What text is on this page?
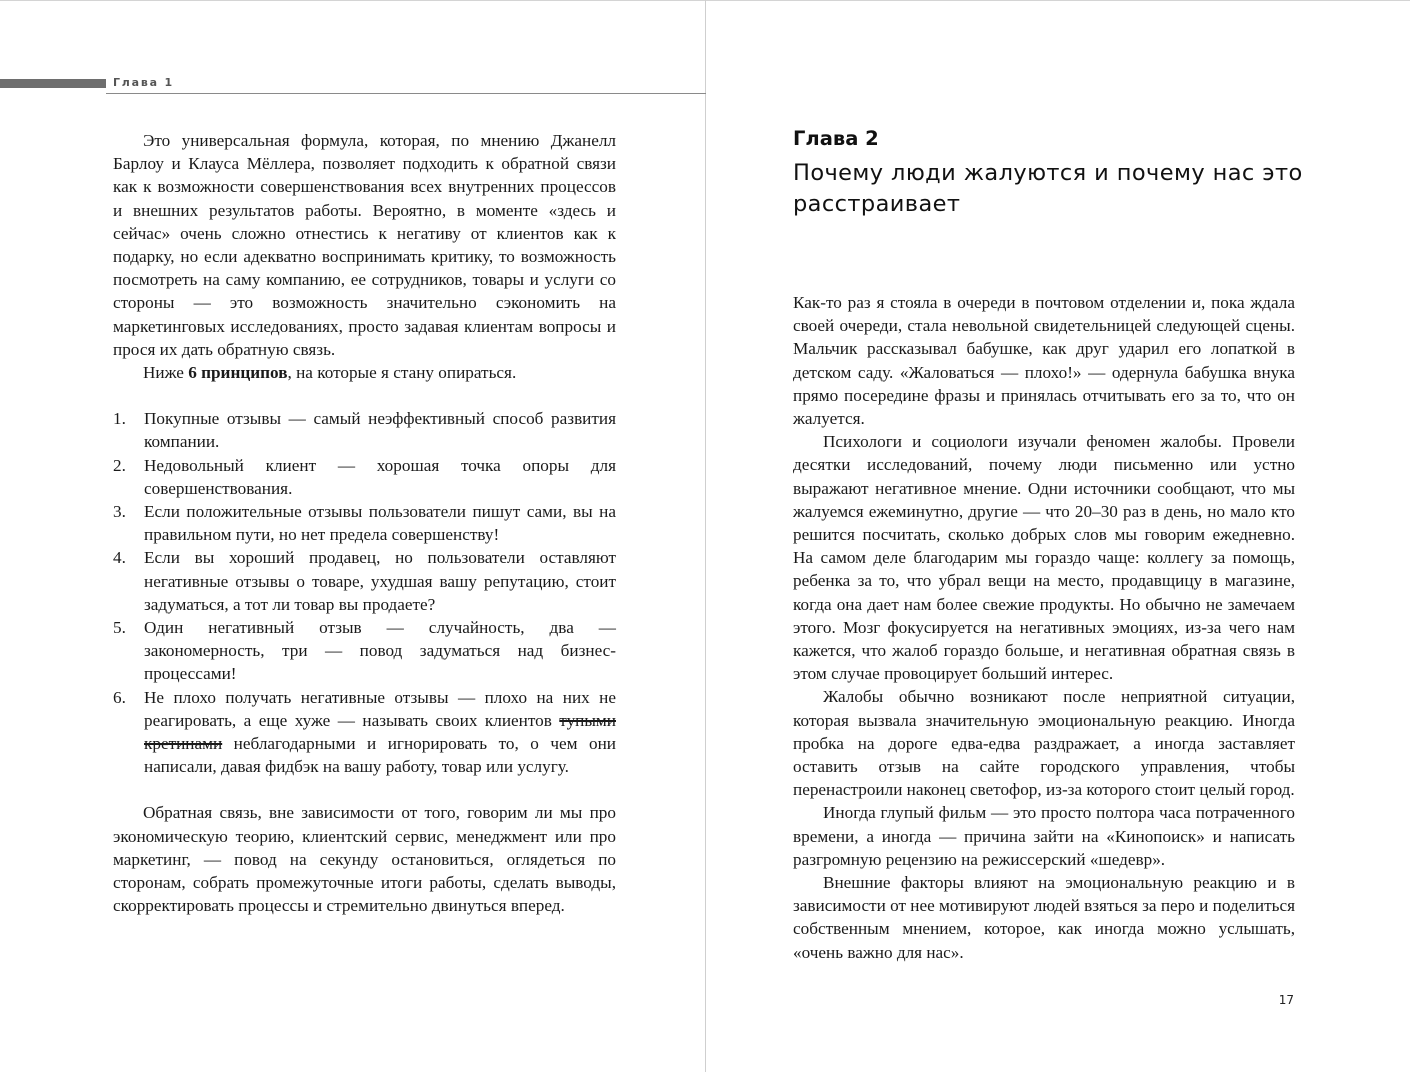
Глава 1

Это универсальная формула, которая, по мнению Джанелл Барлоу и Клауса Мёллера, позволяет подходить к обратной связи как к возможности совершенствования всех внутренних процессов и внешних результатов работы. Вероятно, в моменте «здесь и сейчас» очень сложно отнестись к негативу от клиентов как к подарку, но если адекватно воспринимать критику, то возможность посмотреть на саму компанию, ее сотрудников, товары и услуги со стороны — это возможность значительно сэкономить на маркетинговых исследованиях, просто задавая клиентам вопросы и прося их дать обратную связь.

Ниже 6 принципов, на которые я стану опираться.

1. Покупные отзывы — самый неэффективный способ развития компании.
2. Недовольный клиент — хорошая точка опоры для совершенствования.
3. Если положительные отзывы пользователи пишут сами, вы на правильном пути, но нет предела совершенству!
4. Если вы хороший продавец, но пользователи оставляют негативные отзывы о товаре, ухудшая вашу репутацию, стоит задуматься, а тот ли товар вы продаете?
5. Один негативный отзыв — случайность, два — закономерность, три — повод задуматься над бизнес-процессами!
6. Не плохо получать негативные отзывы — плохо на них не реагировать, а еще хуже — называть своих клиентов тупыми кретинами неблагодарными и игнорировать то, о чем они написали, давая фидбэк на вашу работу, товар или услугу.

Обратная связь, вне зависимости от того, говорим ли мы про экономическую теорию, клиентский сервис, менеджмент или про маркетинг, — повод на секунду остановиться, оглядеться по сторонам, собрать промежуточные итоги работы, сделать выводы, скорректировать процессы и стремительно двинуться вперед.

Глава 2
Почему люди жалуются и почему нас это расстраивает

Как-то раз я стояла в очереди в почтовом отделении и, пока ждала своей очереди, стала невольной свидетельницей следующей сцены. Мальчик рассказывал бабушке, как друг ударил его лопаткой в детском саду. «Жаловаться — плохо!» — одернула бабушка внука прямо посередине фразы и принялась отчитывать его за то, что он жалуется.

Психологи и социологи изучали феномен жалобы. Провели десятки исследований, почему люди письменно или устно выражают негативное мнение. Одни источники сообщают, что мы жалуемся ежеминутно, другие — что 20–30 раз в день, но мало кто решится посчитать, сколько добрых слов мы говорим ежедневно. На самом деле благодарим мы гораздо чаще: коллегу за помощь, ребенка за то, что убрал вещи на место, продавщицу в магазине, когда она дает нам более свежие продукты. Но обычно не замечаем этого. Мозг фокусируется на негативных эмоциях, из-за чего нам кажется, что жалоб гораздо больше, и негативная обратная связь в этом случае провоцирует больший интерес.

Жалобы обычно возникают после неприятной ситуации, которая вызвала значительную эмоциональную реакцию. Иногда пробка на дороге едва-едва раздражает, а иногда заставляет оставить отзыв на сайте городского управления, чтобы перенастроили наконец светофор, из-за которого стоит целый город.

Иногда глупый фильм — это просто полтора часа потраченного времени, а иногда — причина зайти на «Кинопоиск» и написать разгромную рецензию на режиссерский «шедевр».

Внешние факторы влияют на эмоциональную реакцию и в зависимости от нее мотивируют людей взяться за перо и поделиться собственным мнением, которое, как иногда можно услышать, «очень важно для нас».

17
